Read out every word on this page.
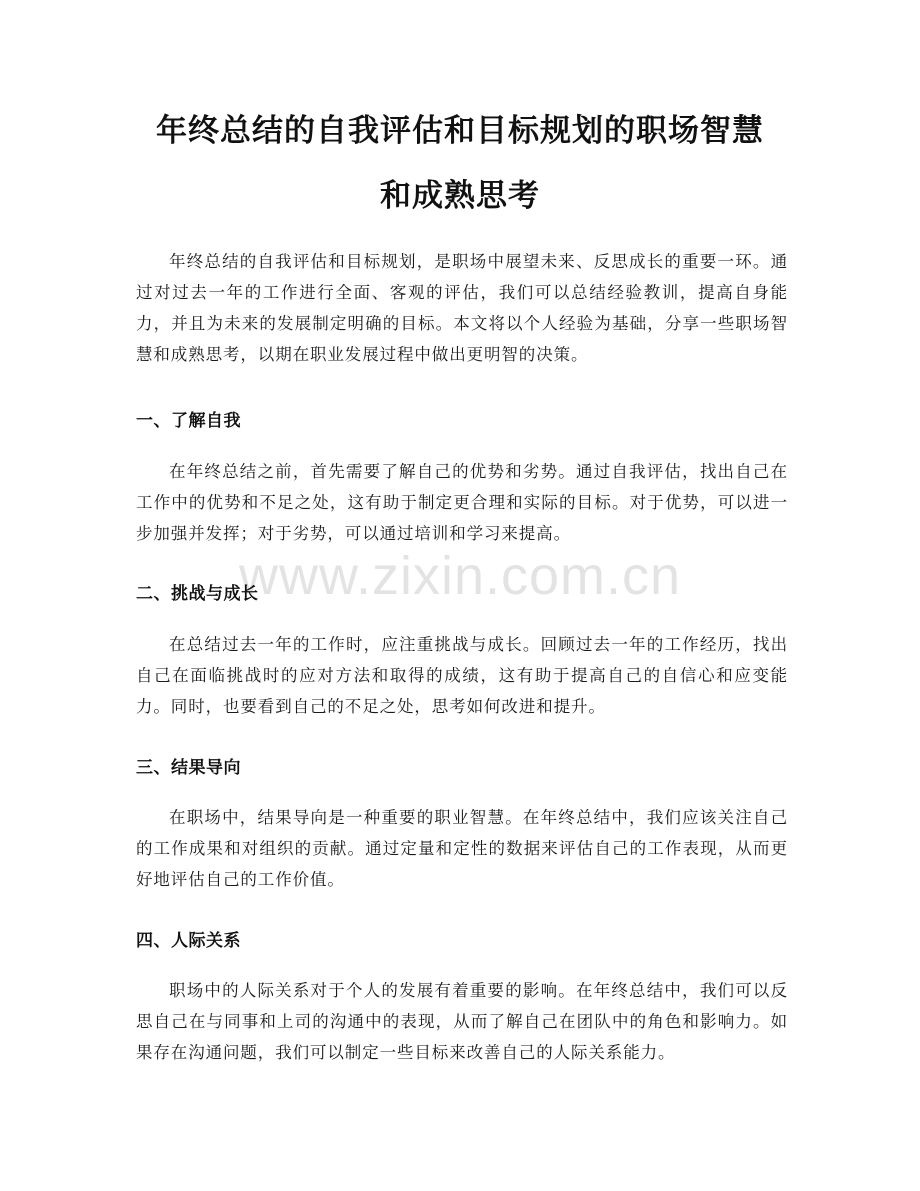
年终总结的自我评估和目标规划的职场智慧
和成熟思考
年终总结的自我评估和目标规划，是职场中展望未来、反思成长的重要一环。通过对过去一年的工作进行全面、客观的评估，我们可以总结经验教训，提高自身能力，并且为未来的发展制定明确的目标。本文将以个人经验为基础，分享一些职场智慧和成熟思考，以期在职业发展过程中做出更明智的决策。
一、了解自我
在年终总结之前，首先需要了解自己的优势和劣势。通过自我评估，找出自己在工作中的优势和不足之处，这有助于制定更合理和实际的目标。对于优势，可以进一步加强并发挥；对于劣势，可以通过培训和学习来提高。
二、挑战与成长
在总结过去一年的工作时，应注重挑战与成长。回顾过去一年的工作经历，找出自己在面临挑战时的应对方法和取得的成绩，这有助于提高自己的自信心和应变能力。同时，也要看到自己的不足之处，思考如何改进和提升。
三、结果导向
在职场中，结果导向是一种重要的职业智慧。在年终总结中，我们应该关注自己的工作成果和对组织的贡献。通过定量和定性的数据来评估自己的工作表现，从而更好地评估自己的工作价值。
四、人际关系
职场中的人际关系对于个人的发展有着重要的影响。在年终总结中，我们可以反思自己在与同事和上司的沟通中的表现，从而了解自己在团队中的角色和影响力。如果存在沟通问题，我们可以制定一些目标来改善自己的人际关系能力。
www.zixin.com.cn
